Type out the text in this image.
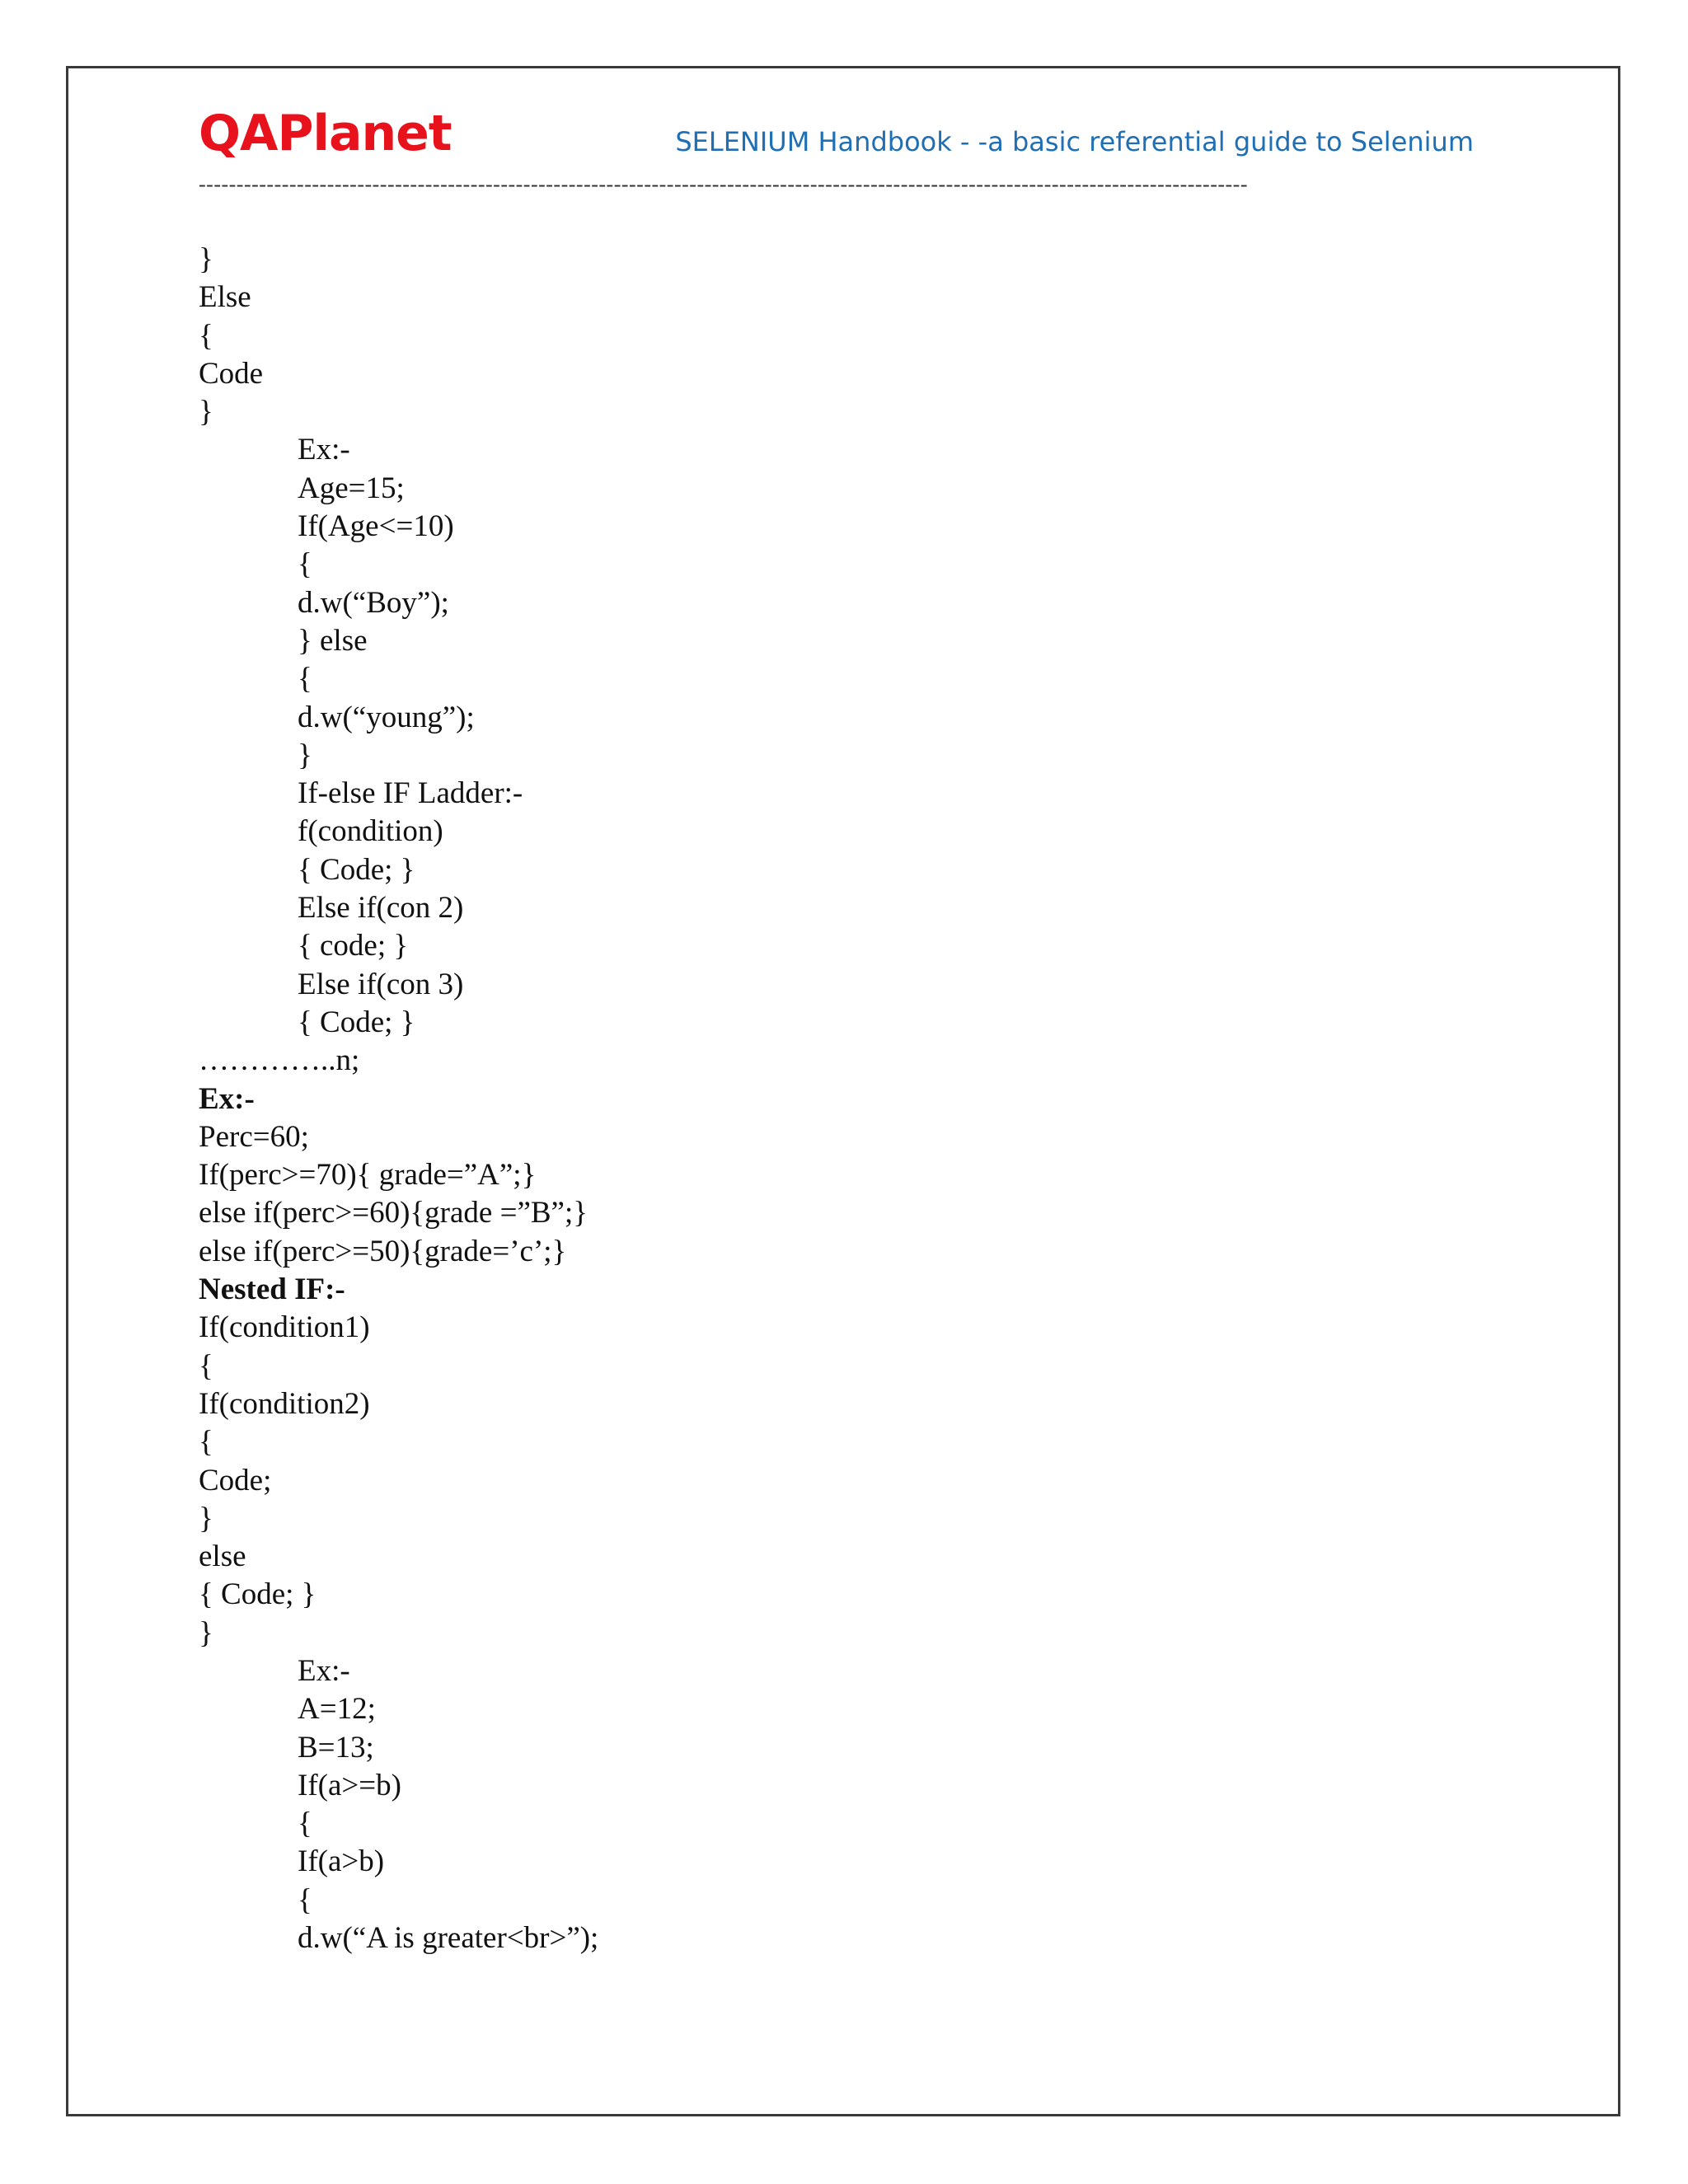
QAPlanet	SELENIUM Handbook - -a basic referential guide to Selenium
-------------------------------------------------------------------------------------------------------------------------------------------
}
Else
{
Code
}
Ex:-
Age=15;
If(Age<=10)
{
d.w(“Boy”);
} else
{
d.w(“young”);
}
If-else IF Ladder:-
f(condition)
{ Code; }
Else if(con 2)
{ code; }
Else if(con 3)
{ Code; }
…………..n;
Ex:-
Perc=60;
If(perc>=70){ grade=”A”;}
else if(perc>=60){grade =”B”;}
else if(perc>=50){grade=’c’;}
Nested IF:-
If(condition1)
{
If(condition2)
{
Code;
}
else
{ Code; }
}
Ex:-
A=12;
B=13;
If(a>=b)
{
If(a>b)
{
d.w(“A is greater<br>”);
